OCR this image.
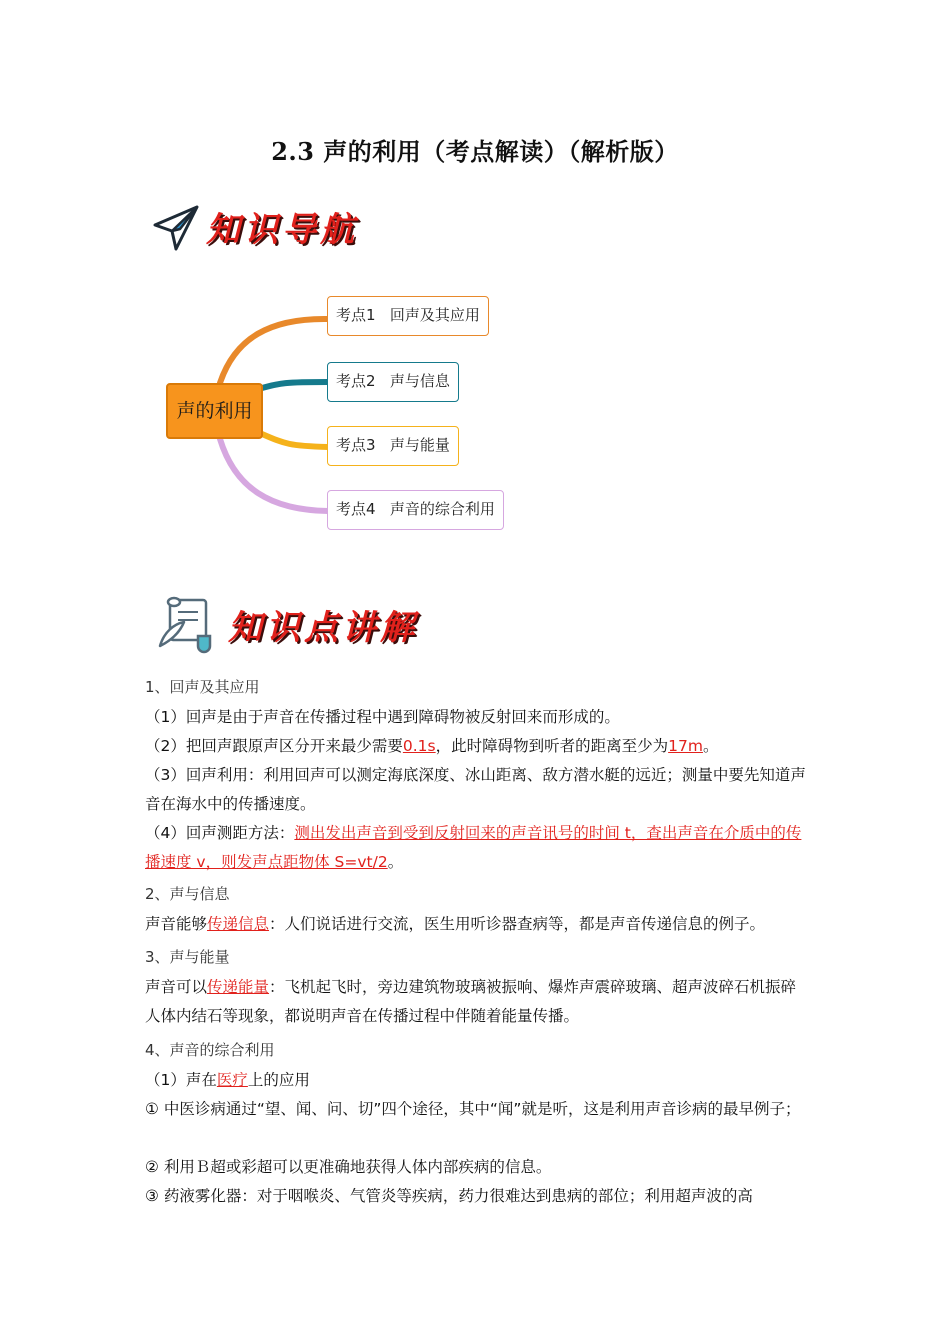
2.3 声的利用（考点解读）（解析版）
知识导航
声的利用
考点1   回声及其应用
考点2   声与信息
考点3   声与能量
考点4   声音的综合利用
知识点讲解
1、回声及其应用
（1）回声是由于声音在传播过程中遇到障碍物被反射回来而形成的。
（2）把回声跟原声区分开来最少需要0.1s，此时障碍物到听者的距离至少为17m。
（3）回声利用：利用回声可以测定海底深度、冰山距离、敌方潜水艇的远近；测量中要先知道声音在海水中的传播速度。
（4）回声测距方法：测出发出声音到受到反射回来的声音讯号的时间 t，查出声音在介质中的传播速度 v，则发声点距物体 S=vt/2。
2、声与信息
声音能够传递信息：人们说话进行交流，医生用听诊器查病等，都是声音传递信息的例子。
3、声与能量
声音可以传递能量：飞机起飞时，旁边建筑物玻璃被振响、爆炸声震碎玻璃、超声波碎石机振碎人体内结石等现象，都说明声音在传播过程中伴随着能量传播。
4、声音的综合利用
（1）声在医疗上的应用
① 中医诊病通过“望、闻、问、切”四个途径，其中“闻”就是听，这是利用声音诊病的最早例子；
② 利用Ｂ超或彩超可以更准确地获得人体内部疾病的信息。
③ 药液雾化器：对于咽喉炎、气管炎等疾病，药力很难达到患病的部位；利用超声波的高
